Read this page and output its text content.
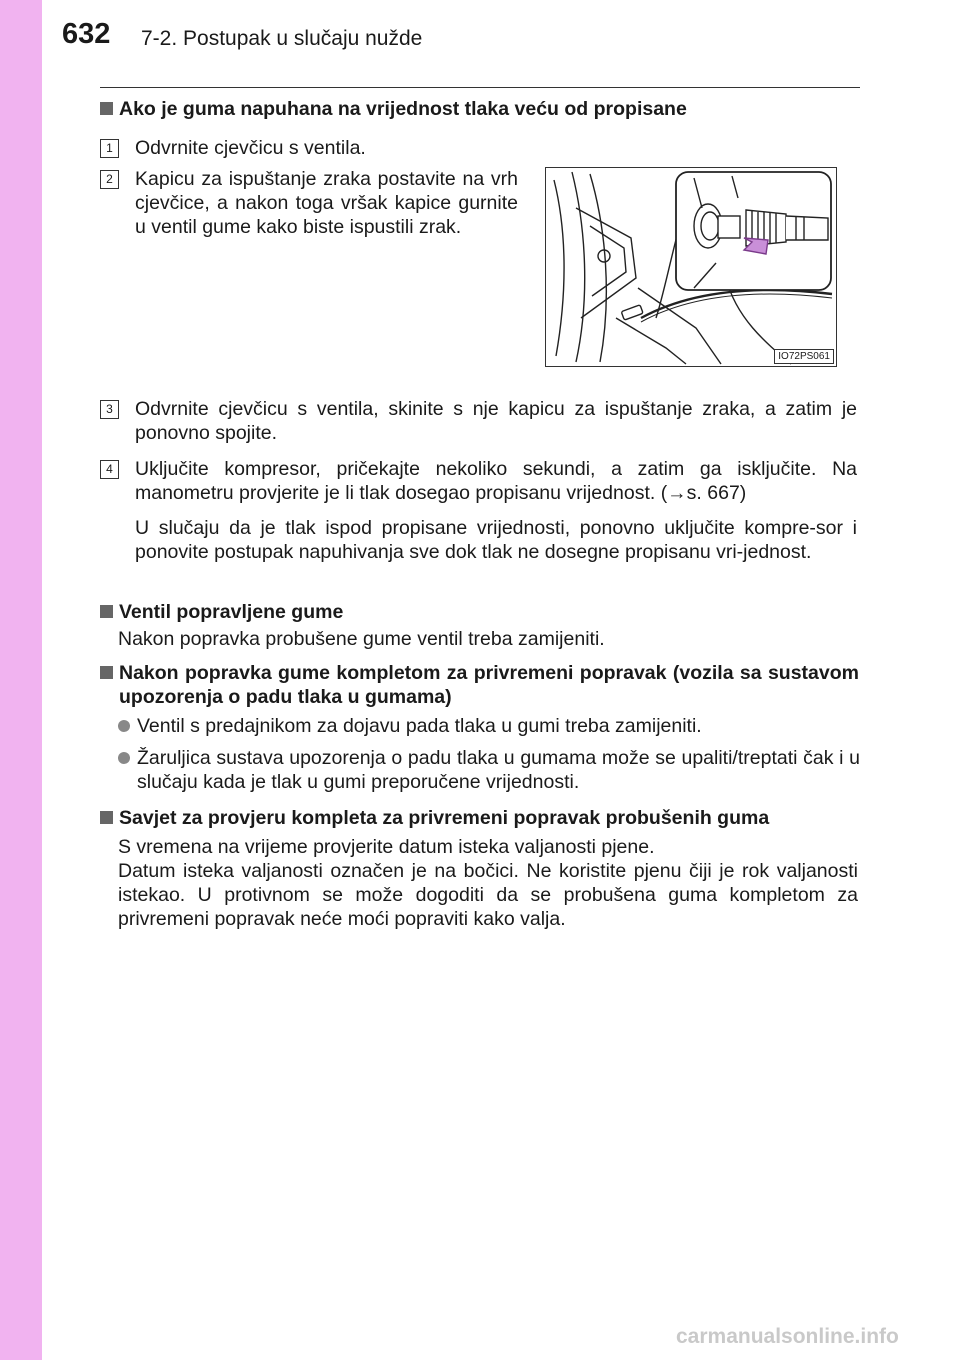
632 7-2. Postupak u slučaju nužde
Ako je guma napuhana na vrijednost tlaka veću od propisane
1	Odvrnite cjevčicu s ventila.
2	Kapicu za ispuštanje zraka postavite na vrh cjevčice, a nakon toga vršak kapice gurnite u ventil gume kako biste ispustili zrak.
IO72PS061
3	Odvrnite cjevčicu s ventila, skinite s nje kapicu za ispuštanje zraka, a zatim je ponovno spojite.
4	Uključite kompresor, pričekajte nekoliko sekundi, a zatim ga isključite. Na manometru provjerite je li tlak dosegao propisanu vrijednost. (→s. 667)
U slučaju da je tlak ispod propisane vrijednosti, ponovno uključite kompre-sor i ponovite postupak napuhivanja sve dok tlak ne dosegne propisanu vri-jednost.
Ventil popravljene gume
Nakon popravka probušene gume ventil treba zamijeniti.
Nakon popravka gume kompletom za privremeni popravak (vozila sa sustavom upozorenja o padu tlaka u gumama)
Ventil s predajnikom za dojavu pada tlaka u gumi treba zamijeniti.
Žaruljica sustava upozorenja o padu tlaka u gumama može se upaliti/treptati čak i u slučaju kada je tlak u gumi preporučene vrijednosti.
Savjet za provjeru kompleta za privremeni popravak probušenih guma
S vremena na vrijeme provjerite datum isteka valjanosti pjene.
Datum isteka valjanosti označen je na bočici. Ne koristite pjenu čiji je rok valjanosti istekao. U protivnom se može dogoditi da se probušena guma kompletom za privremeni popravak neće moći popraviti kako valja.
carmanualsonline.info
